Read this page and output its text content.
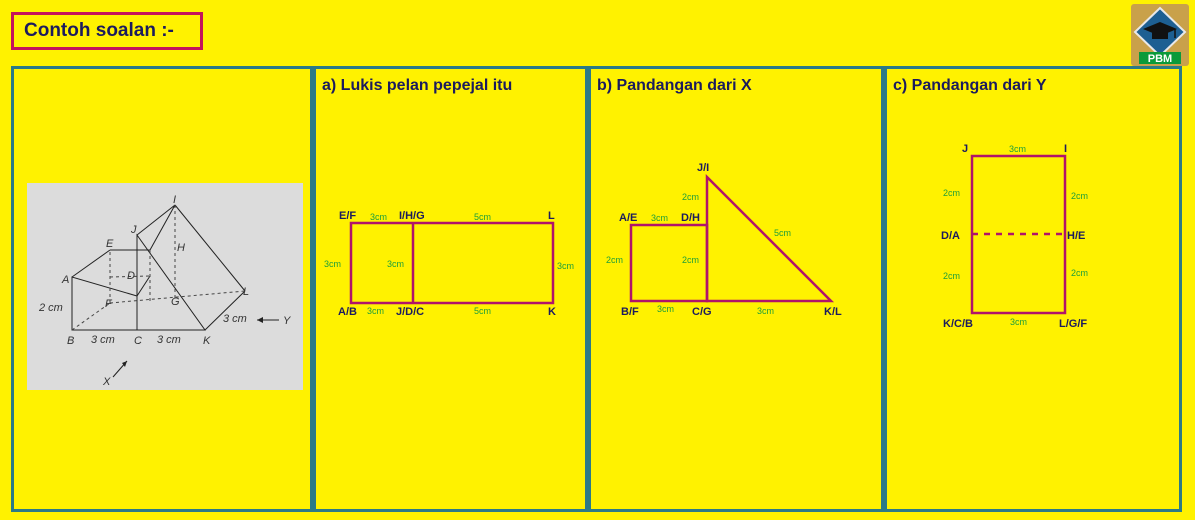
Contoh soalan :-
PBM
I
J
H
E
A	D
F	G
L
B	C	K
2 cm
3 cm	3 cm
3 cm	Y
X
a) Lukis pelan pepejal itu
E/F	I/H/G	L
A/B	J/D/C	K
3cm	5cm
3cm	3cm	3cm
3cm	5cm
b) Pandangan dari X
J/I
A/E	D/H
B/F	C/G	K/L
2cm
3cm
2cm	2cm
5cm
3cm	3cm
c) Pandangan dari Y
J	I
D/A	H/E
K/C/B	L/G/F
3cm
2cm	2cm
2cm	2cm
3cm
